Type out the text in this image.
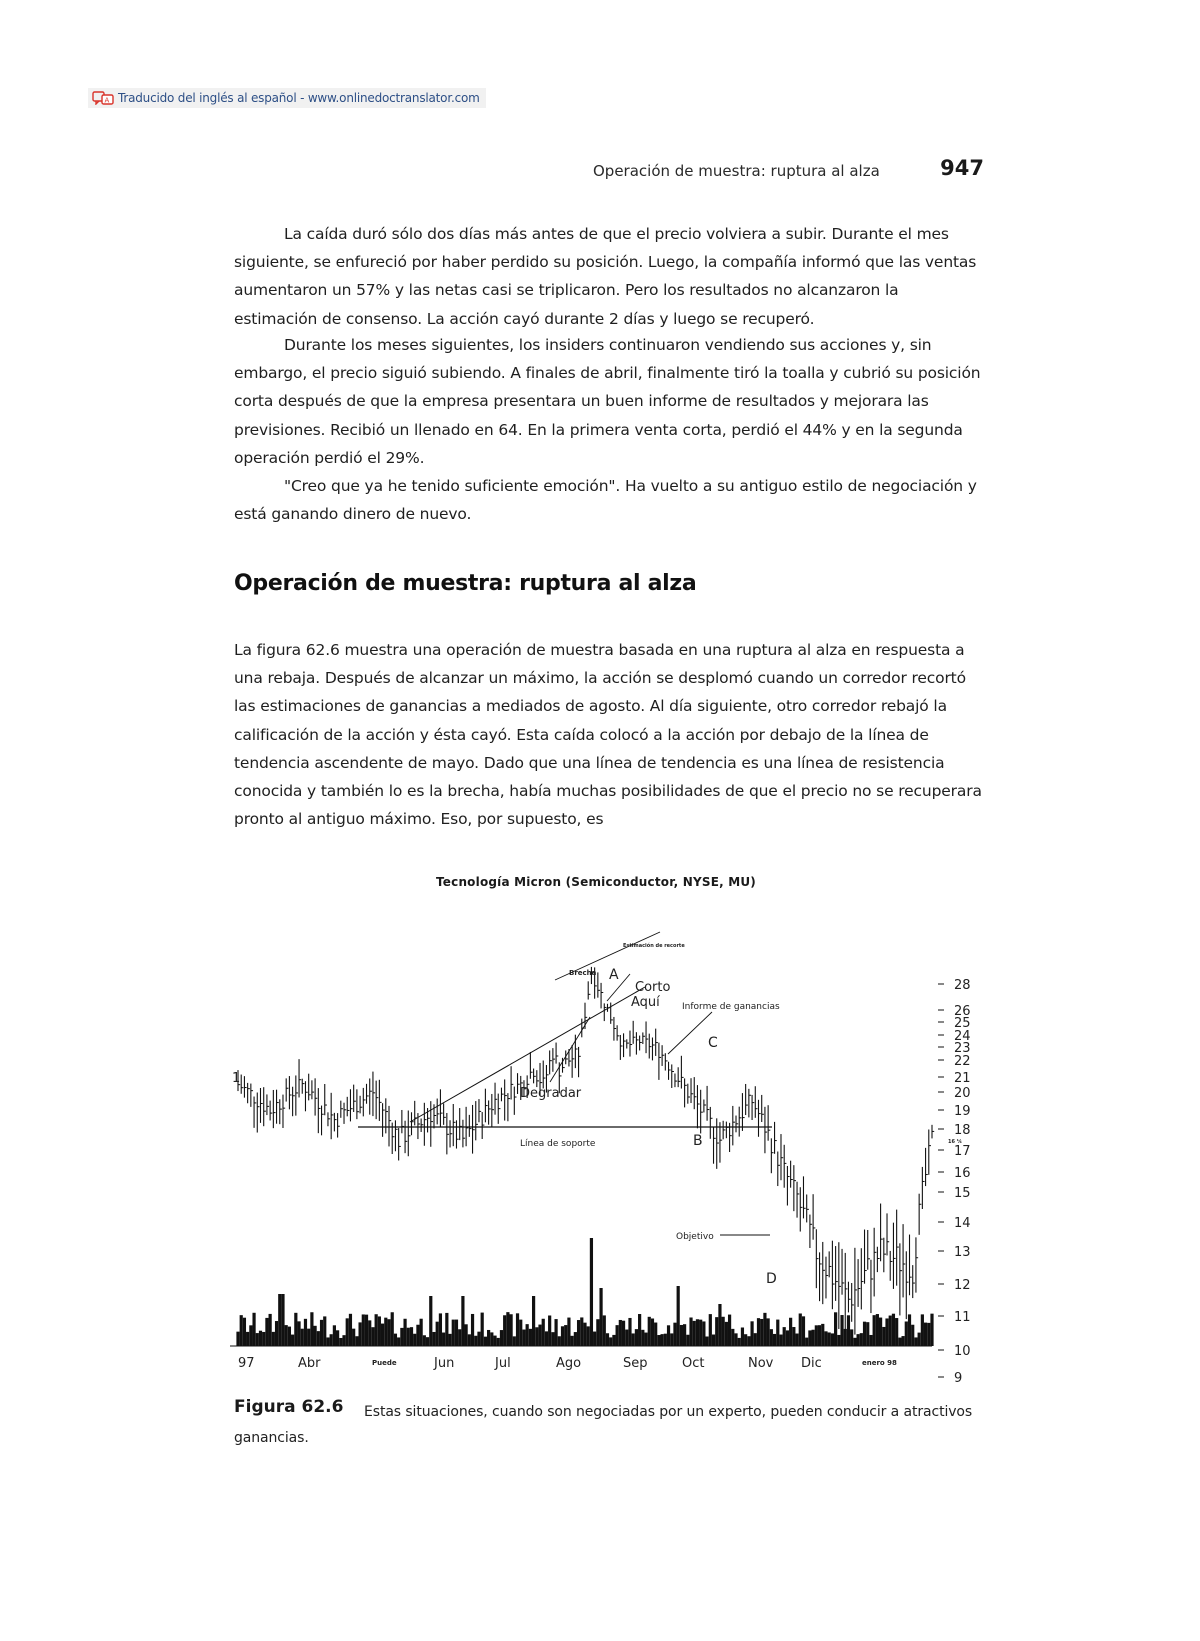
A Traducido del inglés al español - www.onlinedoctranslator.com
Operación de muestra: ruptura al alza	947

La caída duró sólo dos días más antes de que el precio volviera a subir. Durante el mes siguiente, se enfureció por haber perdido su posición. Luego, la compañía informó que las ventas aumentaron un 57% y las netas casi se triplicaron. Pero los resultados no alcanzaron la estimación de consenso. La acción cayó durante 2 días y luego se recuperó.

Durante los meses siguientes, los insiders continuaron vendiendo sus acciones y, sin embargo, el precio siguió subiendo. A finales de abril, finalmente tiró la toalla y cubrió su posición corta después de que la empresa presentara un buen informe de resultados y mejorara las previsiones. Recibió un llenado en 64. En la primera venta corta, perdió el 44% y en la segunda operación perdió el 29%.

"Creo que ya he tenido suficiente emoción". Ha vuelto a su antiguo estilo de negociación y está ganando dinero de nuevo.

Operación de muestra: ruptura al alza

La figura 62.6 muestra una operación de muestra basada en una ruptura al alza en respuesta a una rebaja. Después de alcanzar un máximo, la acción se desplomó cuando un corredor recortó las estimaciones de ganancias a mediados de agosto. Al día siguiente, otro corredor rebajó la calificación de la acción y ésta cayó. Esta caída colocó a la acción por debajo de la línea de tendencia ascendente de mayo. Dado que una línea de tendencia es una línea de resistencia conocida y también lo es la brecha, había muchas posibilidades de que el precio no se recuperara pronto al antiguo máximo. Eso, por supuesto, es

Tecnología Micron (Semiconductor, NYSE, MU)
9
10
11
12
13
14
15
16
17
18
19
20
21
22
23
24
25
26
28
97	Abr	Puede	Jun	Jul	Ago	Sep	Oct	Nov Dic	enero 98
A
B
C
D
Brecha
Estimación de recorte
Corto
Aquí Informe de ganancias
Degradar
Línea de soporte
Objetivo
1
16 ¼
Figura 62.6	Estas situaciones, cuando son negociadas por un experto, pueden conducir a atractivos ganancias.
